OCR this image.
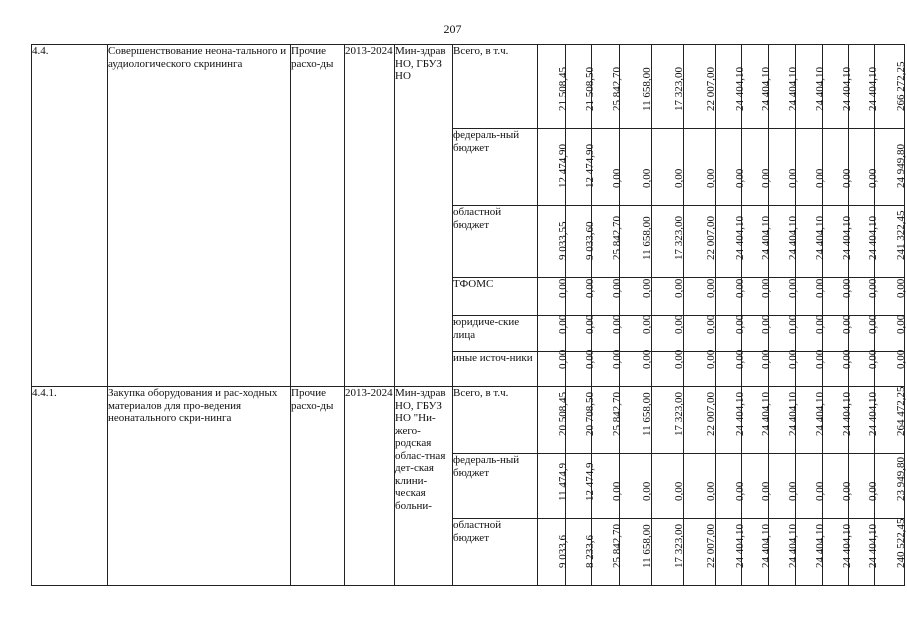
207
4.4.	Совершенствование неона-тального и аудиологического скрининга	Прочие расхо-ды	2013-2024	Мин-здрав НО, ГБУЗ НО	Всего, в т.ч.	21 508,45	21 508,50	25 842,70	11 658,00	17 323,00	22 007,00	24 404,10	24 404,10	24 404,10	24 404,10	24 404,10	24 404,10	266 272,25

					федераль-ный бюджет	12 474,90	12 474,90	0,00	0,00	0,00	0,00	0,00	0,00	0,00	0,00	0,00	0,00	24 949,80

					областной бюджет	9 033,55	9 033,60	25 842,70	11 658,00	17 323,00	22 007,00	24 404,10	24 404,10	24 404,10	24 404,10	24 404,10	24 404,10	241 322,45

					ТФОМС	0,00	0,00	0,00	0,00	0,00	0,00	0,00	0,00	0,00	0,00	0,00	0,00	0,00

					юридиче-ские лица	0,00	0,00	0,00	0,00	0,00	0,00	0,00	0,00	0,00	0,00	0,00	0,00	0,00

					иные источ-ники	0,00	0,00	0,00	0,00	0,00	0,00	0,00	0,00	0,00	0,00	0,00	0,00	0,00

4.4.1.	Закупка оборудования и рас-ходных материалов для про-ведения неонатального скри-нинга	Прочие расхо-ды	2013-2024	Мин-здрав НО, ГБУЗ НО "Ни-жего-родская облас-тная дет-ская клини-ческая больни-	Всего, в т.ч.	20 508,45	20 708,50	25 842,70	11 658,00	17 323,00	22 007,00	24 404,10	24 404,10	24 404,10	24 404,10	24 404,10	24 404,10	264 472,25

					федераль-ный бюджет	11 474,9	12 474,9	0,00	0,00	0,00	0,00	0,00	0,00	0,00	0,00	0,00	0,00	23 949,80

					областной бюджет	9 033,6	8 233,6	25 842,70	11 658,00	17 323,00	22 007,00	24 404,10	24 404,10	24 404,10	24 404,10	24 404,10	24 404,10	240 522,45
